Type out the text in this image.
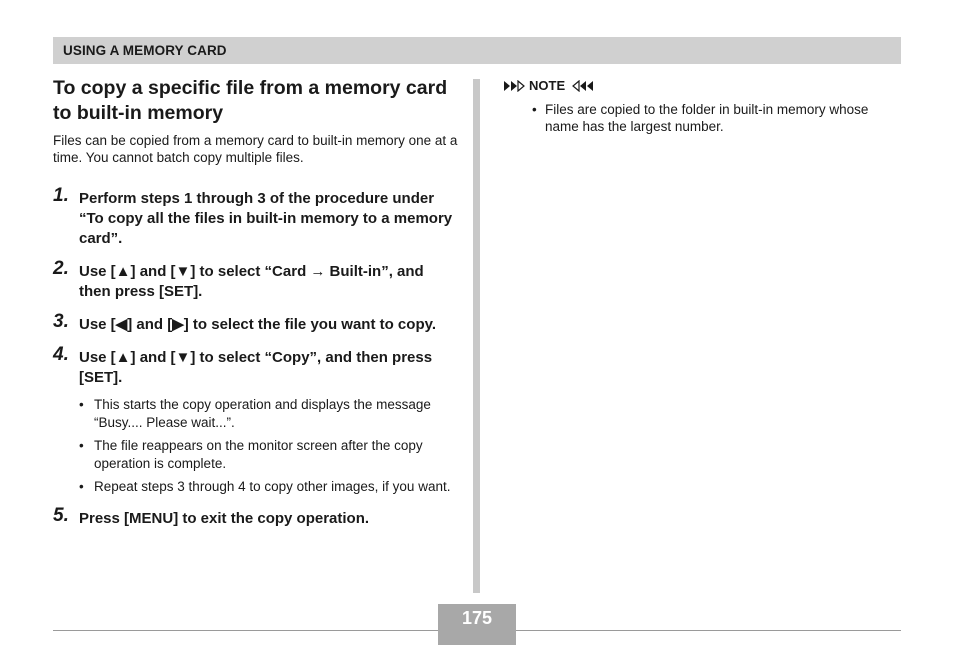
USING A MEMORY CARD
To copy a specific file from a memory card to built-in memory

Files can be copied from a memory card to built-in memory one at a time. You cannot batch copy multiple files.

1. Perform steps 1 through 3 of the procedure under “To copy all the files in built-in memory to a memory card”.
2. Use [▲] and [▼] to select “Card → Built-in”, and then press [SET].
3. Use [◀] and [▶] to select the file you want to copy.
4. Use [▲] and [▼] to select “Copy”, and then press [SET].
• This starts the copy operation and displays the message “Busy.... Please wait...”.
• The file reappears on the monitor screen after the copy operation is complete.
• Repeat steps 3 through 4 to copy other images, if you want.
5. Press [MENU] to exit the copy operation.
NOTE
• Files are copied to the folder in built-in memory whose name has the largest number.
175
